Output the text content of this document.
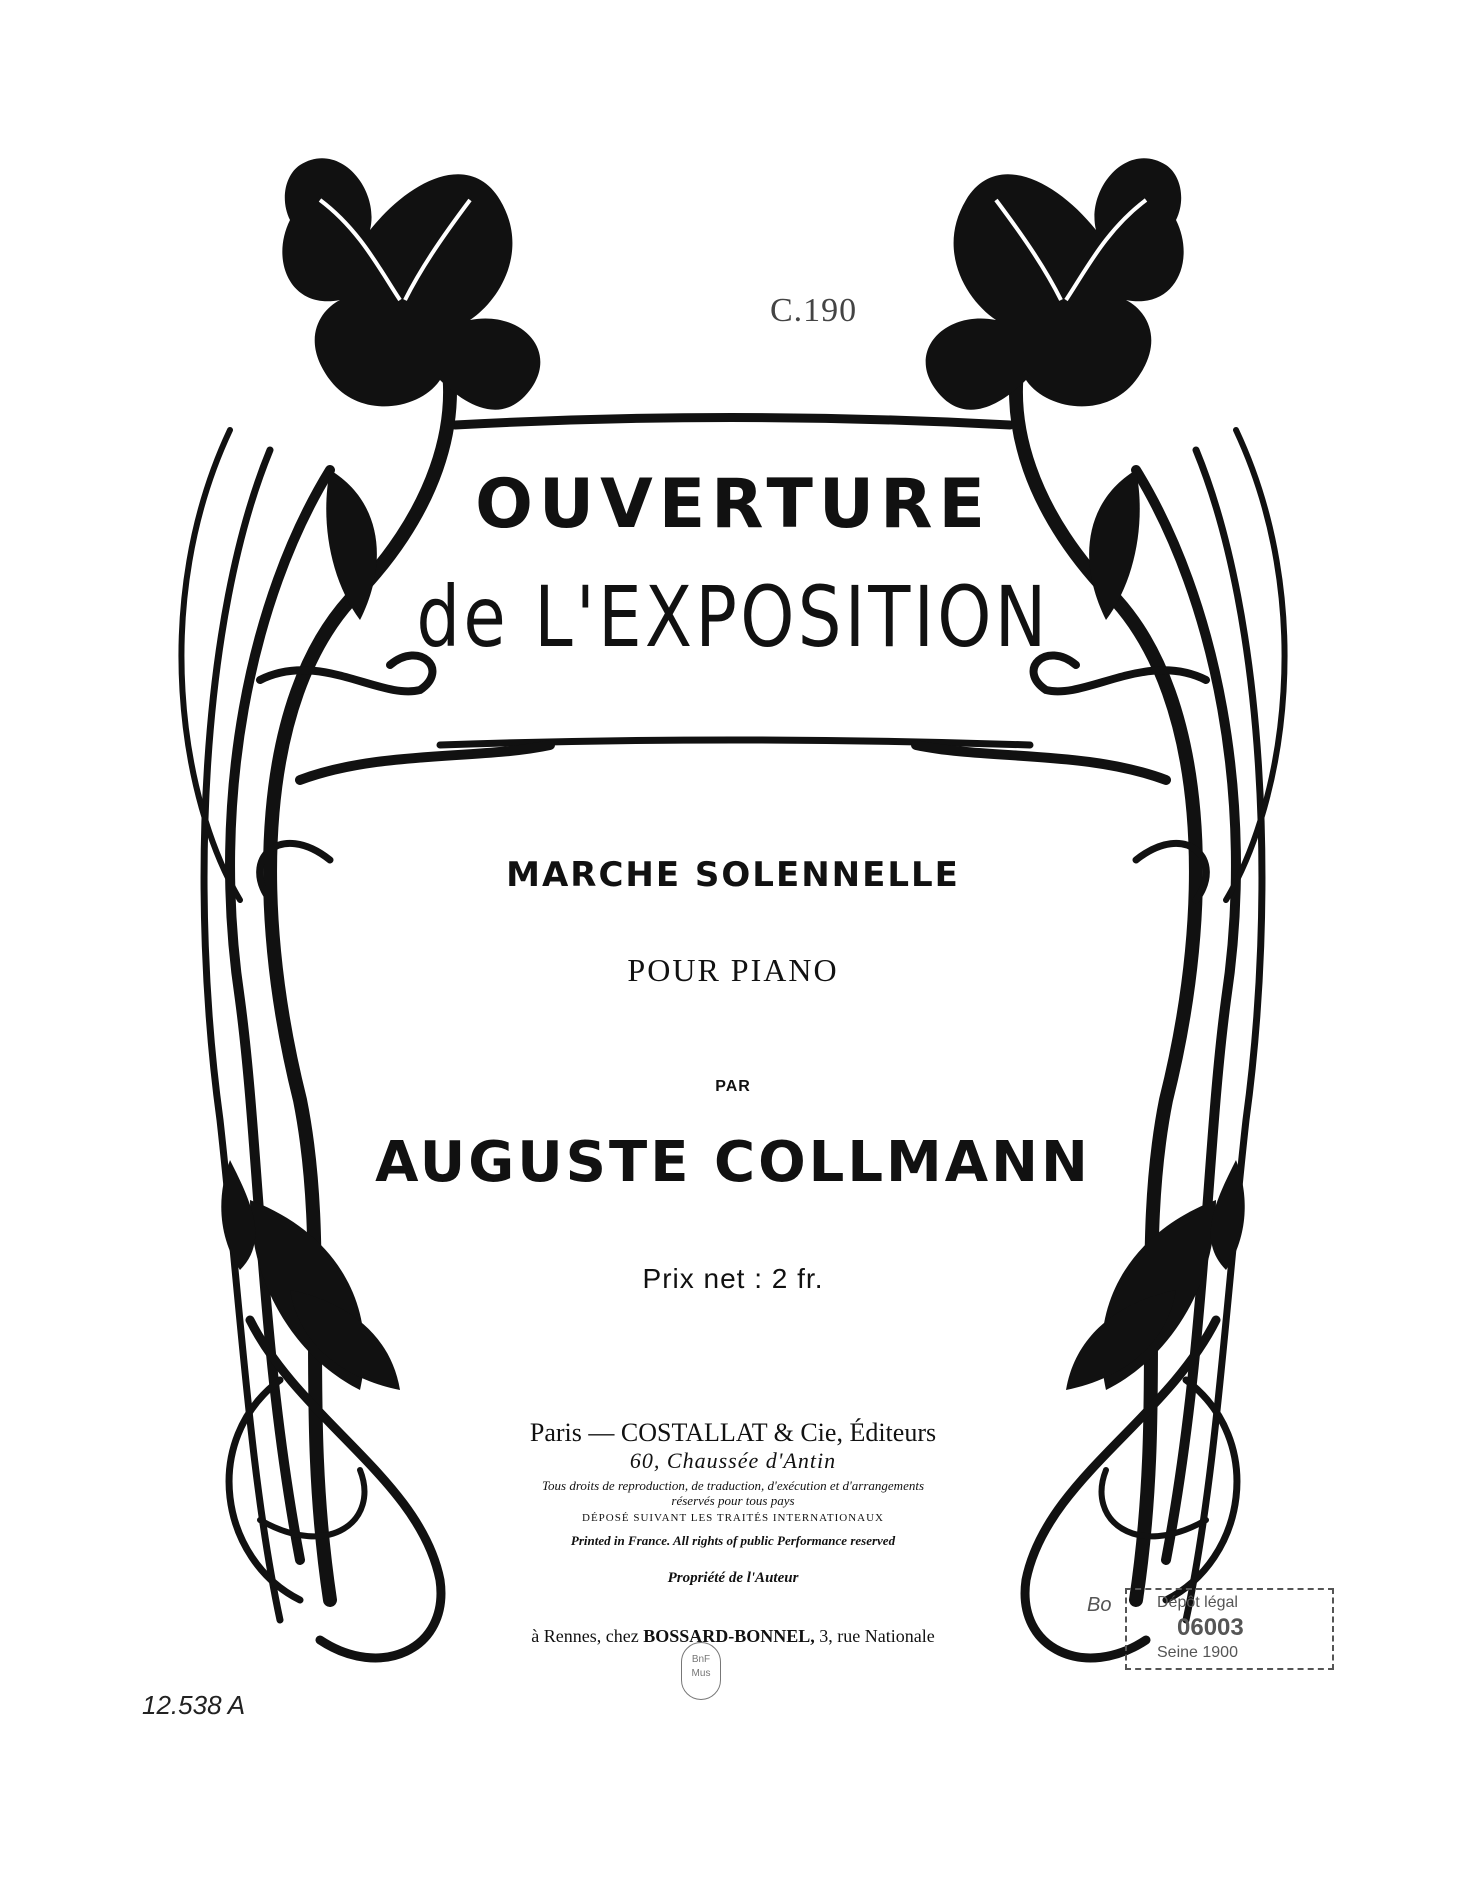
C.190
OUVERTURE
de L'EXPOSITION
MARCHE SOLENNELLE
POUR PIANO
PAR
AUGUSTE COLLMANN
Prix net : 2 fr.
Paris — COSTALLAT & Cie, Éditeurs
60, Chaussée d'Antin
Tous droits de reproduction, de traduction, d'exécution et d'arrangements
réservés pour tous pays
DÉPOSÉ SUIVANT LES TRAITÉS INTERNATIONAUX
Printed in France. All rights of public Performance reserved
Propriété de l'Auteur
à Rennes, chez BOSSARD-BONNEL, 3, rue Nationale
BnF Mus
Bo	Dépôt légal
06003
Seine 1900
12.538 A
